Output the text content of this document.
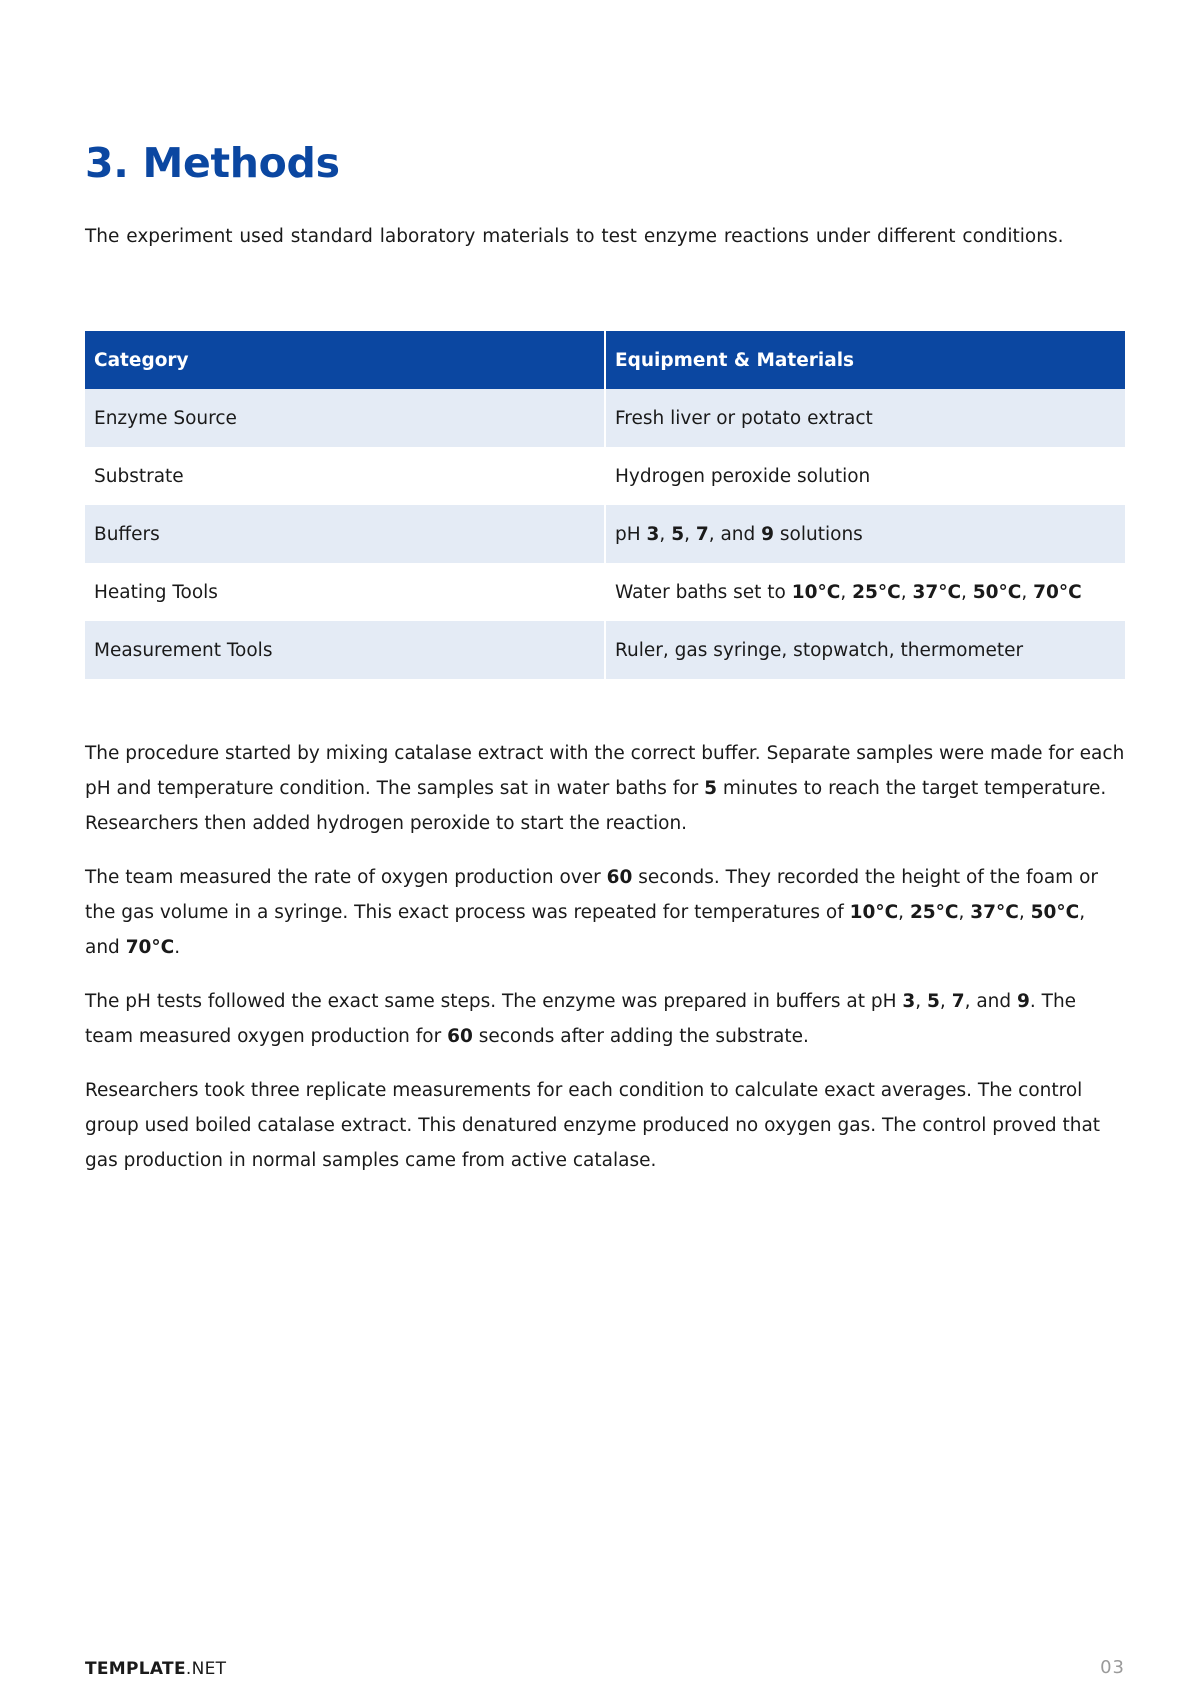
3. Methods

The experiment used standard laboratory materials to test enzyme reactions under different conditions.

Category	Equipment & Materials
Enzyme Source	Fresh liver or potato extract
Substrate	Hydrogen peroxide solution
Buffers	pH 3, 5, 7, and 9 solutions
Heating Tools	Water baths set to 10°C, 25°C, 37°C, 50°C, 70°C
Measurement Tools	Ruler, gas syringe, stopwatch, thermometer

The procedure started by mixing catalase extract with the correct buffer. Separate samples were made for each pH and temperature condition. The samples sat in water baths for 5 minutes to reach the target temperature. Researchers then added hydrogen peroxide to start the reaction.

The team measured the rate of oxygen production over 60 seconds. They recorded the height of the foam or the gas volume in a syringe. This exact process was repeated for temperatures of 10°C, 25°C, 37°C, 50°C, and 70°C.

The pH tests followed the exact same steps. The enzyme was prepared in buffers at pH 3, 5, 7, and 9. The team measured oxygen production for 60 seconds after adding the substrate.

Researchers took three replicate measurements for each condition to calculate exact averages. The control group used boiled catalase extract. This denatured enzyme produced no oxygen gas. The control proved that gas production in normal samples came from active catalase.

TEMPLATE.NET	03
